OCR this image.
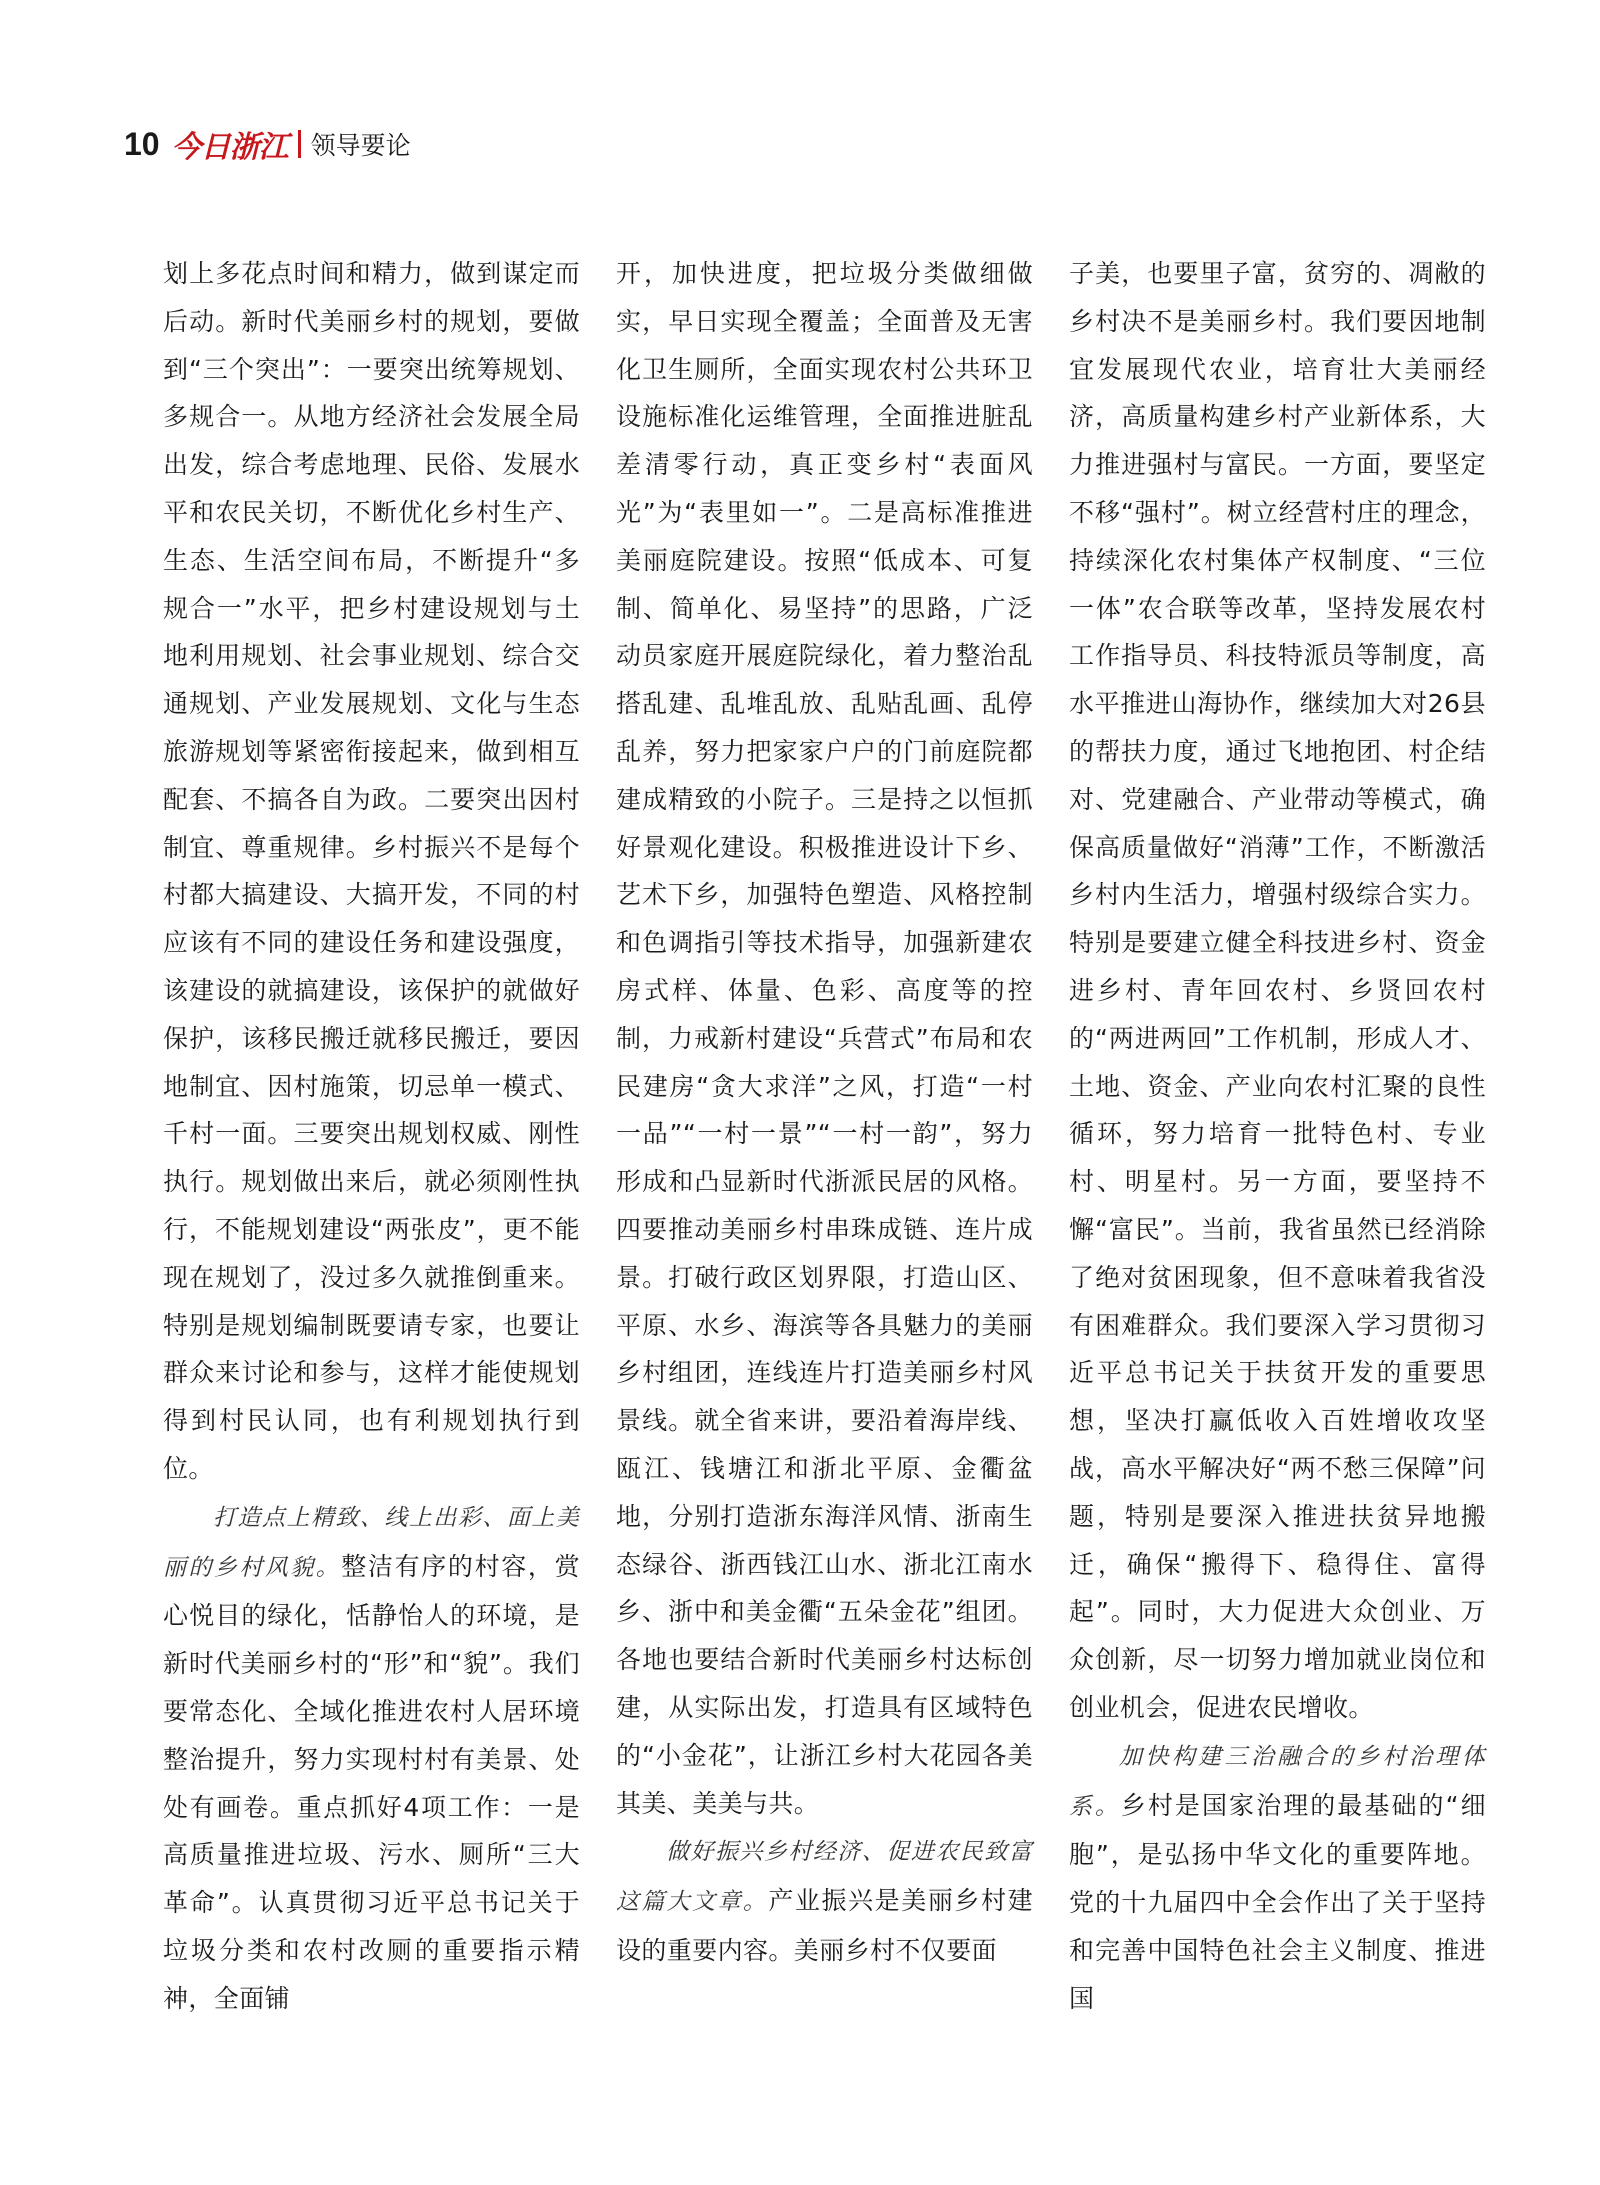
10 今日浙江 领导要论

划上多花点时间和精力，做到谋定而后动。新时代美丽乡村的规划，要做到“三个突出”：一要突出统筹规划、多规合一。从地方经济社会发展全局出发，综合考虑地理、民俗、发展水平和农民关切，不断优化乡村生产、生态、生活空间布局，不断提升“多规合一”水平，把乡村建设规划与土地利用规划、社会事业规划、综合交通规划、产业发展规划、文化与生态旅游规划等紧密衔接起来，做到相互配套、不搞各自为政。二要突出因村制宜、尊重规律。乡村振兴不是每个村都大搞建设、大搞开发，不同的村应该有不同的建设任务和建设强度，该建设的就搞建设，该保护的就做好保护，该移民搬迁就移民搬迁，要因地制宜、因村施策，切忌单一模式、千村一面。三要突出规划权威、刚性执行。规划做出来后，就必须刚性执行，不能规划建设“两张皮”，更不能现在规划了，没过多久就推倒重来。特别是规划编制既要请专家，也要让群众来讨论和参与，这样才能使规划得到村民认同，也有利规划执行到位。

打造点上精致、线上出彩、面上美丽的乡村风貌。整洁有序的村容，赏心悦目的绿化，恬静怡人的环境，是新时代美丽乡村的“形”和“貌”。我们要常态化、全域化推进农村人居环境整治提升，努力实现村村有美景、处处有画卷。重点抓好4项工作：一是高质量推进垃圾、污水、厕所“三大革命”。认真贯彻习近平总书记关于垃圾分类和农村改厕的重要指示精神，全面铺

开，加快进度，把垃圾分类做细做实，早日实现全覆盖；全面普及无害化卫生厕所，全面实现农村公共环卫设施标准化运维管理，全面推进脏乱差清零行动，真正变乡村“表面风光”为“表里如一”。二是高标准推进美丽庭院建设。按照“低成本、可复制、简单化、易坚持”的思路，广泛动员家庭开展庭院绿化，着力整治乱搭乱建、乱堆乱放、乱贴乱画、乱停乱养，努力把家家户户的门前庭院都建成精致的小院子。三是持之以恒抓好景观化建设。积极推进设计下乡、艺术下乡，加强特色塑造、风格控制和色调指引等技术指导，加强新建农房式样、体量、色彩、高度等的控制，力戒新村建设“兵营式”布局和农民建房“贪大求洋”之风，打造“一村一品”“一村一景”“一村一韵”，努力形成和凸显新时代浙派民居的风格。四要推动美丽乡村串珠成链、连片成景。打破行政区划界限，打造山区、平原、水乡、海滨等各具魅力的美丽乡村组团，连线连片打造美丽乡村风景线。就全省来讲，要沿着海岸线、瓯江、钱塘江和浙北平原、金衢盆地，分别打造浙东海洋风情、浙南生态绿谷、浙西钱江山水、浙北江南水乡、浙中和美金衢“五朵金花”组团。各地也要结合新时代美丽乡村达标创建，从实际出发，打造具有区域特色的“小金花”，让浙江乡村大花园各美其美、美美与共。

做好振兴乡村经济、促进农民致富这篇大文章。产业振兴是美丽乡村建设的重要内容。美丽乡村不仅要面

子美，也要里子富，贫穷的、凋敝的乡村决不是美丽乡村。我们要因地制宜发展现代农业，培育壮大美丽经济，高质量构建乡村产业新体系，大力推进强村与富民。一方面，要坚定不移“强村”。树立经营村庄的理念，持续深化农村集体产权制度、“三位一体”农合联等改革，坚持发展农村工作指导员、科技特派员等制度，高水平推进山海协作，继续加大对26县的帮扶力度，通过飞地抱团、村企结对、党建融合、产业带动等模式，确保高质量做好“消薄”工作，不断激活乡村内生活力，增强村级综合实力。特别是要建立健全科技进乡村、资金进乡村、青年回农村、乡贤回农村的“两进两回”工作机制，形成人才、土地、资金、产业向农村汇聚的良性循环，努力培育一批特色村、专业村、明星村。另一方面，要坚持不懈“富民”。当前，我省虽然已经消除了绝对贫困现象，但不意味着我省没有困难群众。我们要深入学习贯彻习近平总书记关于扶贫开发的重要思想，坚决打赢低收入百姓增收攻坚战，高水平解决好“两不愁三保障”问题，特别是要深入推进扶贫异地搬迁，确保“搬得下、稳得住、富得起”。同时，大力促进大众创业、万众创新，尽一切努力增加就业岗位和创业机会，促进农民增收。

加快构建三治融合的乡村治理体系。乡村是国家治理的最基础的“细胞”，是弘扬中华文化的重要阵地。党的十九届四中全会作出了关于坚持和完善中国特色社会主义制度、推进国
